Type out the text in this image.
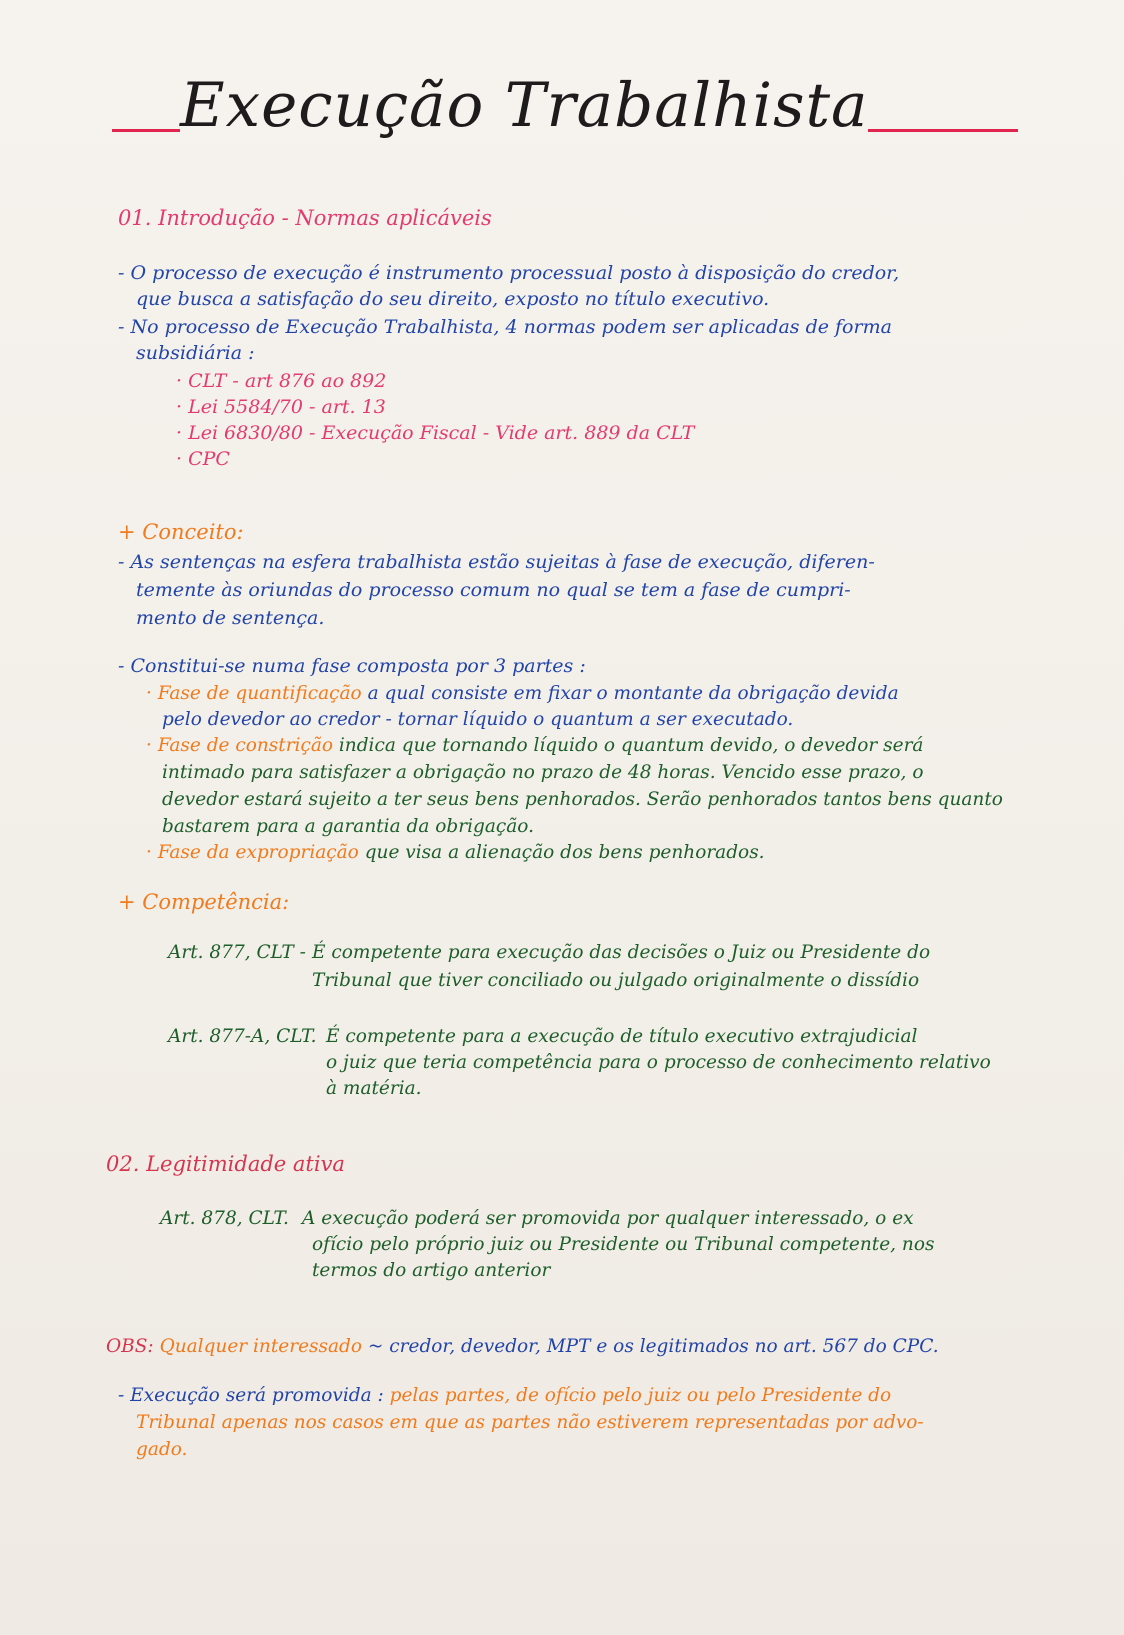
Execução Trabalhista
01. Introdução - Normas aplicáveis
- O processo de execução é instrumento processual posto à disposição do credor,
que busca a satisfação do seu direito, exposto no título executivo.
- No processo de Execução Trabalhista, 4 normas podem ser aplicadas de forma
subsidiária :
· CLT - art 876 ao 892
· Lei 5584/70 - art. 13
· Lei 6830/80 - Execução Fiscal - Vide art. 889 da CLT
· CPC
+ Conceito:
- As sentenças na esfera trabalhista estão sujeitas à fase de execução, diferen-
temente às oriundas do processo comum no qual se tem a fase de cumpri-
mento de sentença.
- Constitui-se numa fase composta por 3 partes :
· Fase de quantificação a qual consiste em fixar o montante da obrigação devida
pelo devedor ao credor - tornar líquido o quantum a ser executado.
· Fase de constrição indica que tornando líquido o quantum devido, o devedor será
intimado para satisfazer a obrigação no prazo de 48 horas. Vencido esse prazo, o
devedor estará sujeito a ter seus bens penhorados. Serão penhorados tantos bens quanto
bastarem para a garantia da obrigação.
· Fase da expropriação que visa a alienação dos bens penhorados.
+ Competência:
Art. 877, CLT - É competente para execução das decisões o Juiz ou Presidente do
Tribunal que tiver conciliado ou julgado originalmente o dissídio
Art. 877-A, CLT. É competente para a execução de título executivo extrajudicial
o juiz que teria competência para o processo de conhecimento relativo
à matéria.
02. Legitimidade ativa
Art. 878, CLT. A execução poderá ser promovida por qualquer interessado, o ex
ofício pelo próprio juiz ou Presidente ou Tribunal competente, nos
termos do artigo anterior
OBS: Qualquer interessado ~ credor, devedor, MPT e os legitimados no art. 567 do CPC.
- Execução será promovida : pelas partes, de ofício pelo juiz ou pelo Presidente do
Tribunal apenas nos casos em que as partes não estiverem representadas por advo-
gado.
